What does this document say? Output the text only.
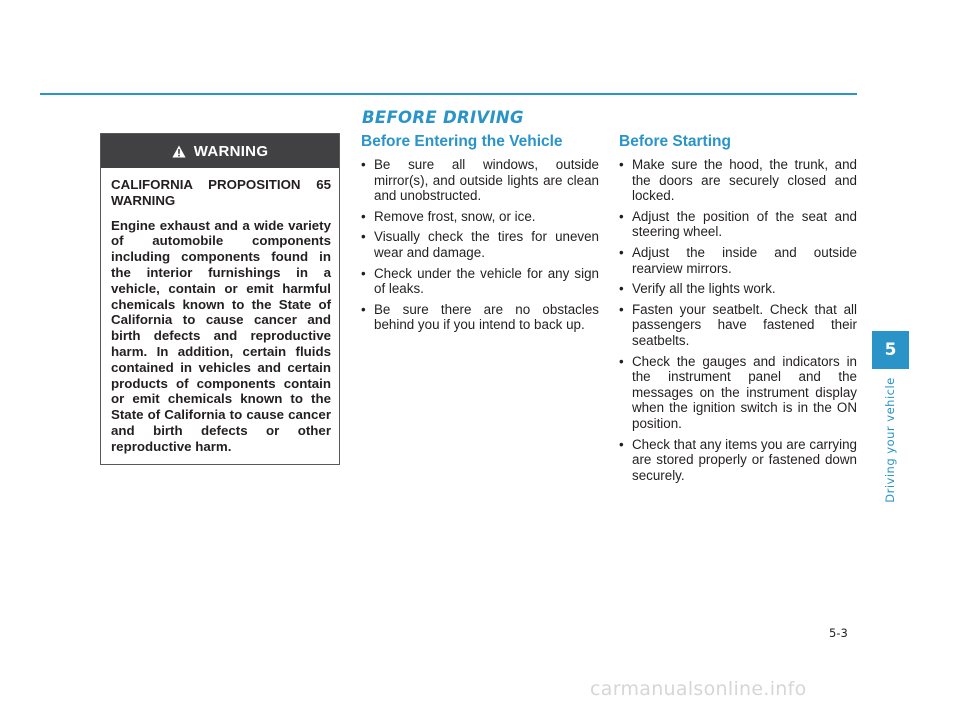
BEFORE DRIVING
WARNING

CALIFORNIA PROPOSITION 65 WARNING

Engine exhaust and a wide variety of automobile components including components found in the interior furnishings in a vehicle, contain or emit harmful chemicals known to the State of California to cause cancer and birth defects and reproductive harm. In addition, certain fluids contained in vehicles and certain products of components contain or emit chemicals known to the State of California to cause cancer and birth defects or other reproductive harm.

Before Entering the Vehicle
• Be sure all windows, outside mirror(s), and outside lights are clean and unobstructed.
• Remove frost, snow, or ice.
• Visually check the tires for uneven wear and damage.
• Check under the vehicle for any sign of leaks.
• Be sure there are no obstacles behind you if you intend to back up.
Before Starting
• Make sure the hood, the trunk, and the doors are securely closed and locked.
• Adjust the position of the seat and steering wheel.
• Adjust the inside and outside rearview mirrors.
• Verify all the lights work.
• Fasten your seatbelt. Check that all passengers have fastened their seatbelts.
• Check the gauges and indicators in the instrument panel and the messages on the instrument display when the ignition switch is in the ON position.
• Check that any items you are carrying are stored properly or fastened down securely.
5
Driving your vehicle
5-3
carmanualsonline.info
